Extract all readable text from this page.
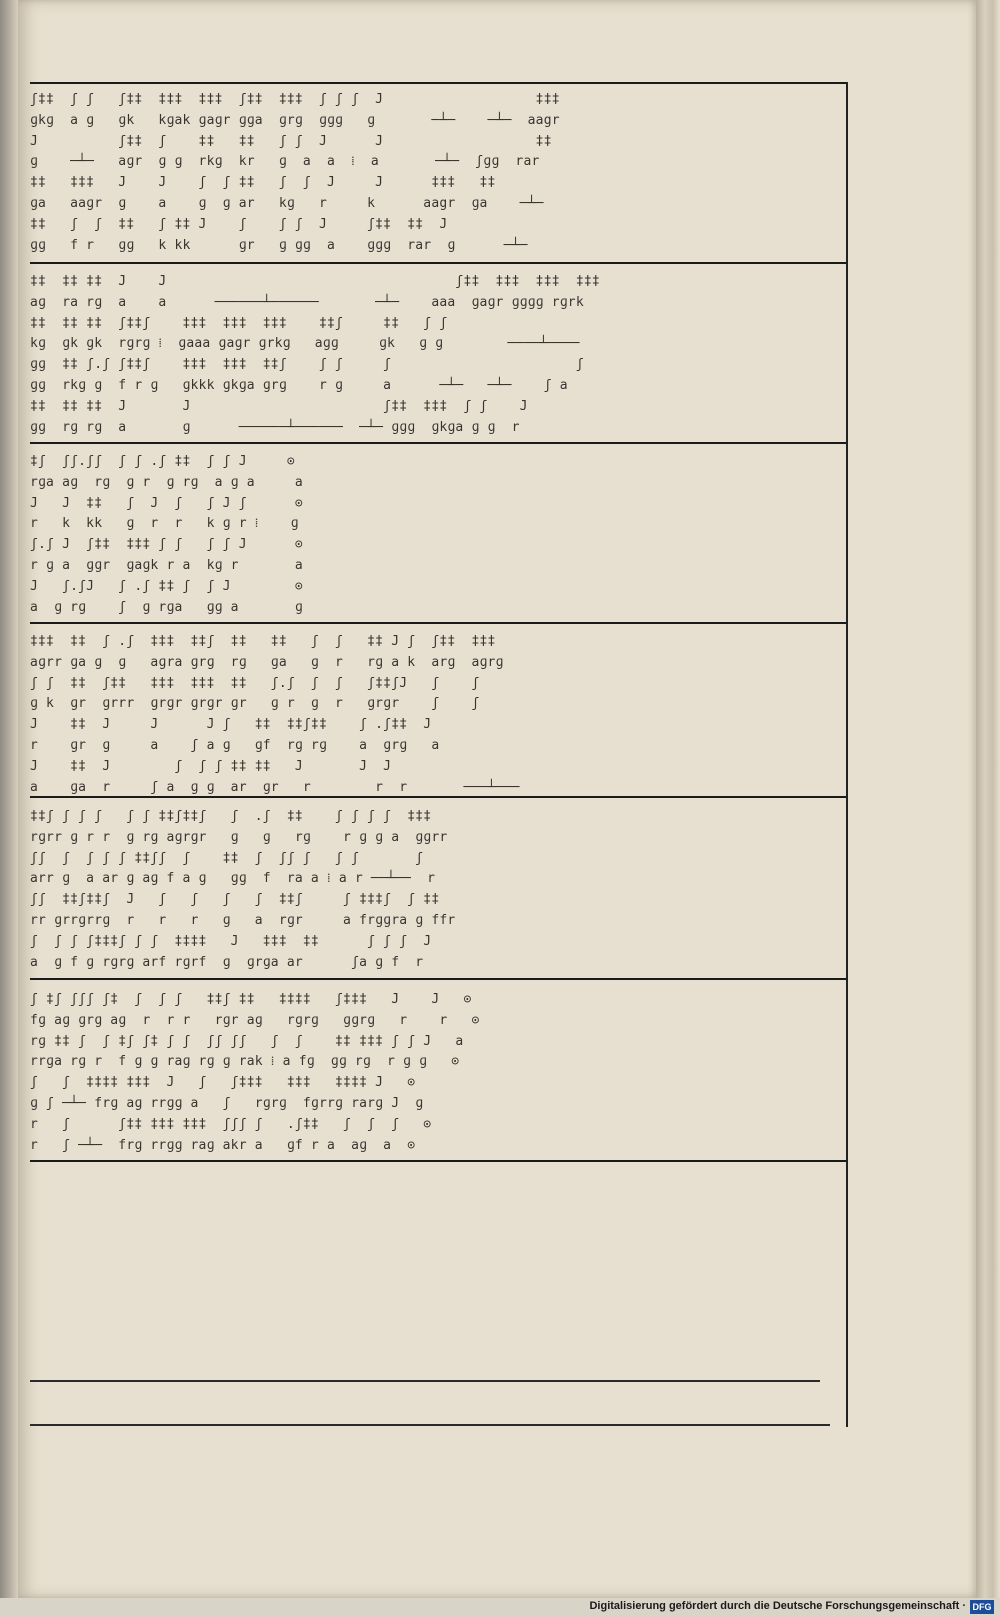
ʃ‡‡  ʃ ʃ   ʃ‡‡  ‡‡‡  ‡‡‡  ʃ‡‡  ‡‡‡  ʃ ʃ ʃ  J                   ‡‡‡
ɡkɡ  a ɡ   ɡk   kɡak ɡaɡr ɡɡa  ɡrɡ  ɡɡɡ   ɡ       ─┴─    ─┴─  aagr
J          ʃ‡‡  ʃ    ‡‡   ‡‡   ʃ ʃ  J      J                   ‡‡
ɡ    ─┴─   aɡr  ɡ ɡ  rkɡ  kr   ɡ  a  a  ⁞  a       ─┴─  ʃɡɡ  rar
‡‡   ‡‡‡   J    J    ʃ  ʃ ‡‡   ʃ  ʃ  J     J      ‡‡‡   ‡‡
ɡa   aaɡr  ɡ    a    ɡ  ɡ ar   kɡ   r     k      aagr  ɡa    ─┴─
‡‡   ʃ  ʃ  ‡‡   ʃ ‡‡ J    ʃ    ʃ ʃ  J     ʃ‡‡  ‡‡  J
ɡɡ   f r   ɡɡ   k kk      ɡr   ɡ ɡɡ  a    ɡɡɡ  rar  ɡ      ─┴─
‡‡  ‡‡ ‡‡  J    J                                    ʃ‡‡  ‡‡‡  ‡‡‡  ‡‡‡
aɡ  ra rɡ  a    a      ──────┴──────       ─┴─    aaa  ɡaɡr ɡɡɡɡ rɡrk
‡‡  ‡‡ ‡‡  ʃ‡‡ʃ    ‡‡‡  ‡‡‡  ‡‡‡    ‡‡ʃ     ‡‡   ʃ ʃ
kɡ  ɡk ɡk  rɡrɡ ⁞  ɡaaa ɡaɡr ɡrkɡ   aɡɡ     ɡk   ɡ ɡ        ────┴────
ɡɡ  ‡‡ ʃ.ʃ ʃ‡‡ʃ    ‡‡‡  ‡‡‡  ‡‡ʃ    ʃ ʃ     ʃ                       ʃ
ɡɡ  rkɡ ɡ  f r ɡ   ɡkkk ɡkɡa ɡrɡ    r ɡ     a      ─┴─   ─┴─    ʃ a
‡‡  ‡‡ ‡‡  J       J                        ʃ‡‡  ‡‡‡  ʃ ʃ    J
ɡɡ  rɡ rɡ  a       ɡ      ──────┴──────  ─┴─ ɡɡɡ  ɡkɡa ɡ ɡ  r
‡ʃ  ʃʃ.ʃʃ  ʃ ʃ .ʃ ‡‡  ʃ ʃ J     ⊙
rɡa aɡ  rɡ  ɡ r  ɡ rɡ  a ɡ a     a
J   J  ‡‡   ʃ  J  ʃ   ʃ J ʃ      ⊙
r   k  kk   ɡ  r  r   k ɡ r ⁞    ɡ
ʃ.ʃ J  ʃ‡‡  ‡‡‡ ʃ ʃ   ʃ ʃ J      ⊙
r ɡ a  ɡɡr  ɡaɡk r a  kɡ r       a
J   ʃ.ʃJ   ʃ .ʃ ‡‡ ʃ  ʃ J        ⊙
a  ɡ rɡ    ʃ  ɡ rɡa   ɡɡ a       ɡ
‡‡‡  ‡‡  ʃ .ʃ  ‡‡‡  ‡‡ʃ  ‡‡   ‡‡   ʃ  ʃ   ‡‡ J ʃ  ʃ‡‡  ‡‡‡
aɡrr ɡa ɡ  ɡ   aɡra ɡrɡ  rɡ   ɡa   ɡ  r   rɡ a k  arɡ  aɡrɡ
ʃ ʃ  ‡‡  ʃ‡‡   ‡‡‡  ‡‡‡  ‡‡   ʃ.ʃ  ʃ  ʃ   ʃ‡‡ʃJ   ʃ    ʃ
ɡ k  ɡr  ɡrrr  ɡrɡr ɡrɡr ɡr   ɡ r  ɡ  r   ɡrɡr    ʃ    ʃ
J    ‡‡  J     J      J ʃ   ‡‡  ‡‡ʃ‡‡    ʃ .ʃ‡‡  J
r    ɡr  ɡ     a    ʃ a ɡ   ɡf  rɡ rɡ    a  ɡrɡ   a
J    ‡‡  J        ʃ  ʃ ʃ ‡‡ ‡‡   J       J  J
a    ɡa  r     ʃ a  ɡ ɡ  ar  ɡr   r        r  r       ───┴───
‡‡ʃ ʃ ʃ ʃ   ʃ ʃ ‡‡ʃ‡‡ʃ   ʃ  .ʃ  ‡‡    ʃ ʃ ʃ ʃ  ‡‡‡
rɡrr ɡ r r  ɡ rɡ aɡrɡr   ɡ   ɡ   rɡ    r ɡ ɡ a  ɡɡrr
ʃʃ  ʃ  ʃ ʃ ʃ ‡‡ʃʃ  ʃ    ‡‡  ʃ  ʃʃ ʃ   ʃ ʃ       ʃ
arr ɡ  a ar ɡ aɡ f a ɡ   ɡɡ  f  ra a ⁞ a r ──┴──  r
ʃʃ  ‡‡ʃ‡‡ʃ  J   ʃ   ʃ   ʃ   ʃ  ‡‡ʃ     ʃ ‡‡‡ʃ  ʃ ‡‡
rr ɡrrɡrrɡ  r   r   r   ɡ   a  rɡr     a frɡɡra ɡ ffr
ʃ  ʃ ʃ ʃ‡‡‡ʃ ʃ ʃ  ‡‡‡‡   J   ‡‡‡  ‡‡      ʃ ʃ ʃ  J
a  ɡ f ɡ rɡrɡ arf rɡrf  ɡ  ɡrɡa ar      ʃa ɡ f  r
ʃ ‡ʃ ʃʃʃ ʃ‡  ʃ  ʃ ʃ   ‡‡ʃ ‡‡   ‡‡‡‡   ʃ‡‡‡   J    J   ⊙
fɡ aɡ ɡrɡ aɡ  r  r r   rɡr aɡ   rɡrɡ   ɡɡrɡ   r    r   ⊙
rɡ ‡‡ ʃ  ʃ ‡ʃ ʃ‡ ʃ ʃ  ʃʃ ʃʃ   ʃ  ʃ    ‡‡ ‡‡‡ ʃ ʃ J   a
rrɡa rɡ r  f ɡ ɡ raɡ rɡ ɡ rak ⁞ a fɡ  ɡɡ rɡ  r ɡ ɡ   ⊙
ʃ   ʃ  ‡‡‡‡ ‡‡‡  J   ʃ   ʃ‡‡‡   ‡‡‡   ‡‡‡‡ J   ⊙
ɡ ʃ ─┴─ frɡ aɡ rrɡɡ a   ʃ   rɡrɡ  fɡrrɡ rarɡ J  ɡ
r   ʃ      ʃ‡‡ ‡‡‡ ‡‡‡  ʃʃʃ ʃ   .ʃ‡‡   ʃ  ʃ  ʃ   ⊙
r   ʃ ─┴─  frɡ rrɡɡ raɡ akr a   ɡf r a  aɡ  a  ⊙
Digitalisierung gefördert durch die Deutsche Forschungsgemeinschaft · DFG
